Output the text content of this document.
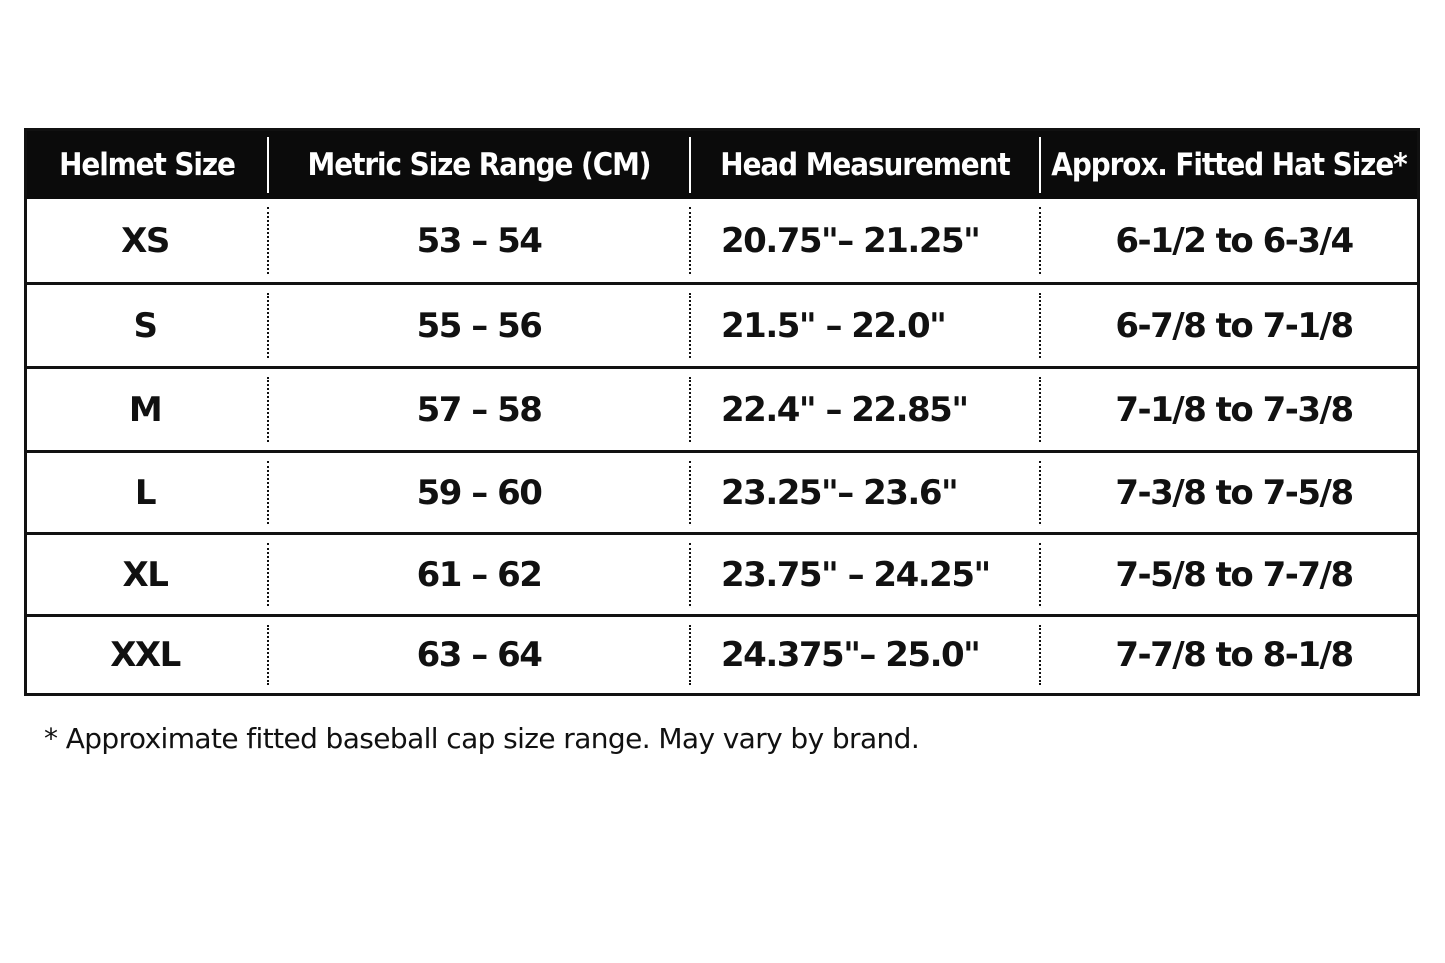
Helmet Size	Metric Size Range (CM)	Head Measurement	Approx. Fitted Hat Size*
XS	53 – 54	20.75"– 21.25"	6-1/2 to 6-3/4
S	55 – 56	21.5" – 22.0"	6-7/8 to 7-1/8
M	57 – 58	22.4" – 22.85"	7-1/8 to 7-3/8
L	59 – 60	23.25"– 23.6"	7-3/8 to 7-5/8
XL	61 – 62	23.75" – 24.25"	7-5/8 to 7-7/8
XXL	63 – 64	24.375"– 25.0"	7-7/8 to 8-1/8
* Approximate fitted baseball cap size range. May vary by brand.
